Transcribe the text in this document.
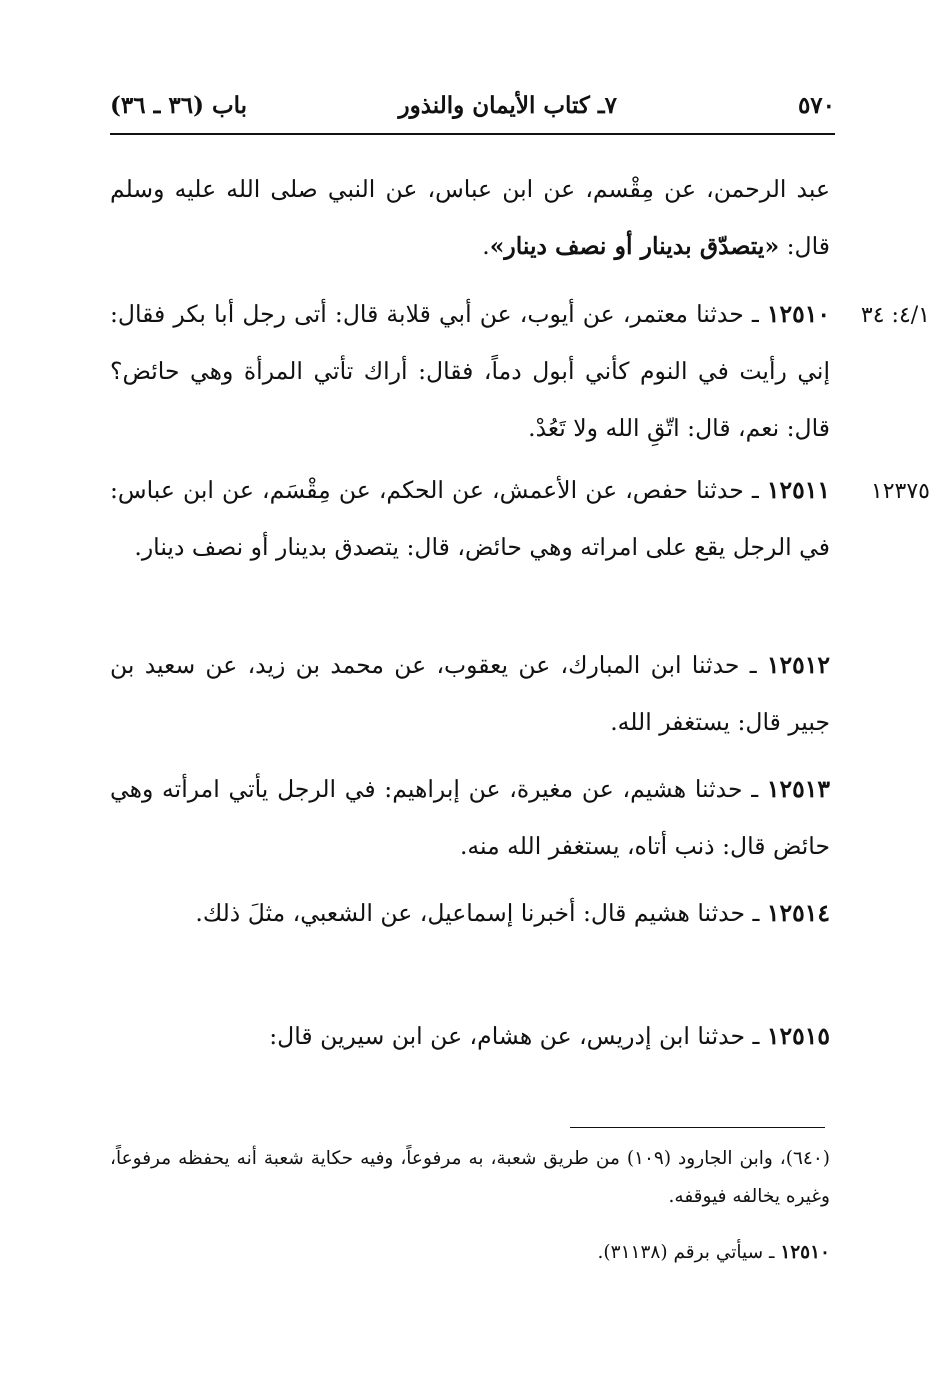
٥٧٠
٧ـ كتاب الأيمان والنذور
باب (٣٦ ـ ٣٦)
عبد الرحمن، عن مِقْسم، عن ابن عباس، عن النبي صلى الله عليه وسلم قال: «يتصدّق بدينار أو نصف دينار».
٤/١: ٣٤
١٢٥١٠ ـ حدثنا معتمر، عن أيوب، عن أبي قلابة قال: أتى رجل أبا بكر فقال: إني رأيت في النوم كأني أبول دماً، فقال: أراك تأتي المرأة وهي حائض؟ قال: نعم، قال: اتّقِ الله ولا تَعُدْ.
١٢٣٧٥
١٢٥١١ ـ حدثنا حفص، عن الأعمش، عن الحكم، عن مِقْسَم، عن ابن عباس: في الرجل يقع على امراته وهي حائض، قال: يتصدق بدينار أو نصف دينار.
١٢٥١٢ ـ حدثنا ابن المبارك، عن يعقوب، عن محمد بن زيد، عن سعيد بن جبير قال: يستغفر الله.
١٢٥١٣ ـ حدثنا هشيم، عن مغيرة، عن إبراهيم: في الرجل يأتي امرأته وهي حائض قال: ذنب أتاه، يستغفر الله منه.
١٢٥١٤ ـ حدثنا هشيم قال: أخبرنا إسماعيل، عن الشعبي، مثلَ ذلك.
١٢٥١٥ ـ حدثنا ابن إدريس، عن هشام، عن ابن سيرين قال:
(٦٤٠)، وابن الجارود (١٠٩) من طريق شعبة، به مرفوعاً، وفيه حكاية شعبة أنه يحفظه مرفوعاً، وغيره يخالفه فيوقفه.
١٢٥١٠ ـ سيأتي برقم (٣١١٣٨).
